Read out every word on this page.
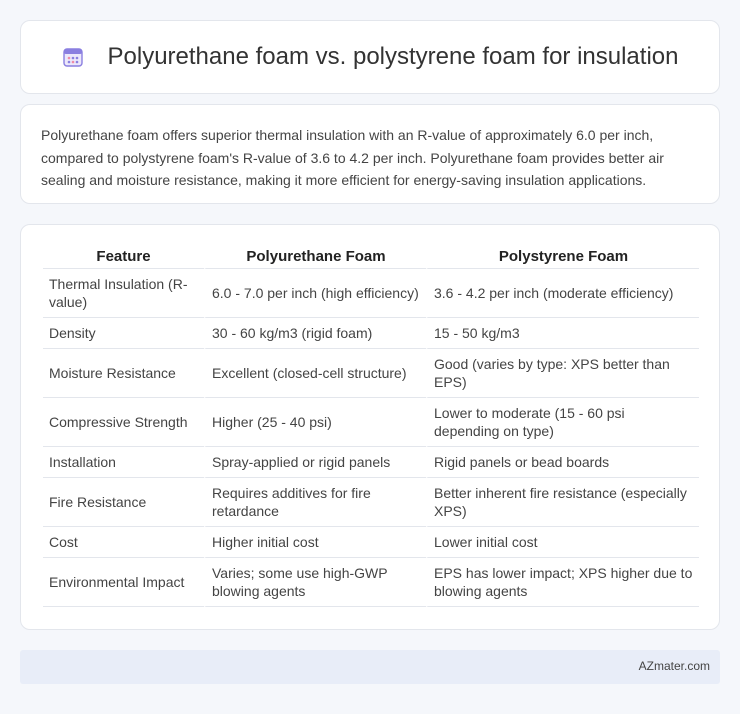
Polyurethane foam vs. polystyrene foam for insulation

Polyurethane foam offers superior thermal insulation with an R-value of approximately 6.0 per inch, compared to polystyrene foam's R-value of 3.6 to 4.2 per inch. Polyurethane foam provides better air sealing and moisture resistance, making it more efficient for energy-saving insulation applications.

Feature	Polyurethane Foam	Polystyrene Foam
Thermal Insulation (R-value)	6.0 - 7.0 per inch (high efficiency)	3.6 - 4.2 per inch (moderate efficiency)
Density	30 - 60 kg/m3 (rigid foam)	15 - 50 kg/m3
Moisture Resistance	Excellent (closed-cell structure)	Good (varies by type: XPS better than EPS)
Compressive Strength	Higher (25 - 40 psi)	Lower to moderate (15 - 60 psi depending on type)
Installation	Spray-applied or rigid panels	Rigid panels or bead boards
Fire Resistance	Requires additives for fire retardance	Better inherent fire resistance (especially XPS)
Cost	Higher initial cost	Lower initial cost
Environmental Impact	Varies; some use high-GWP blowing agents	EPS has lower impact; XPS higher due to blowing agents
AZmater.com
